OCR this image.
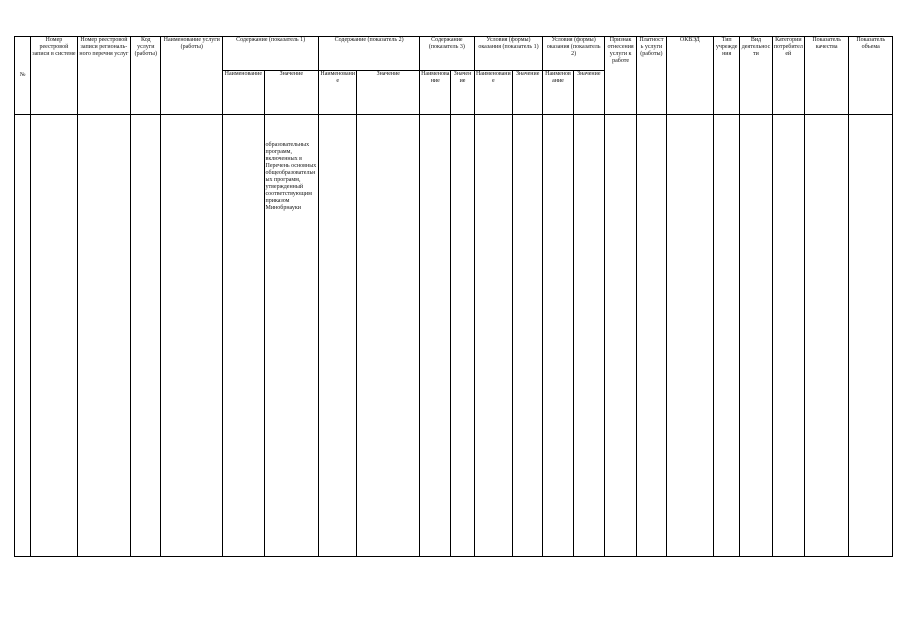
№	Номер реестровой записи в системе	Номер реестровой записи региональ-ного перечня услуг	Код услуги (работы)	Наименование услуги (работы)	Содержание (показатель 1)		Содержание (показатель 2)		Содержание (показатель 3)		Условия (формы) оказания (показатель 1)		Условия (формы) оказания (показатель 2)		Признак отнесения услуги к работе	Платность услуги (работы)	ОКВЭД	Тип учреждения	Вид деятельности	Категории потребителей	Показатель качества	Показатель объема
					Наименование	Значение	Наименование	Значение	Наименование	Значение	Наименование	Значение	Наименование	Значение								
						образовательных программ, включенных в Перечень основных общеобразовательных программ, утвержденный соответствующим приказом Минобрнауки																
